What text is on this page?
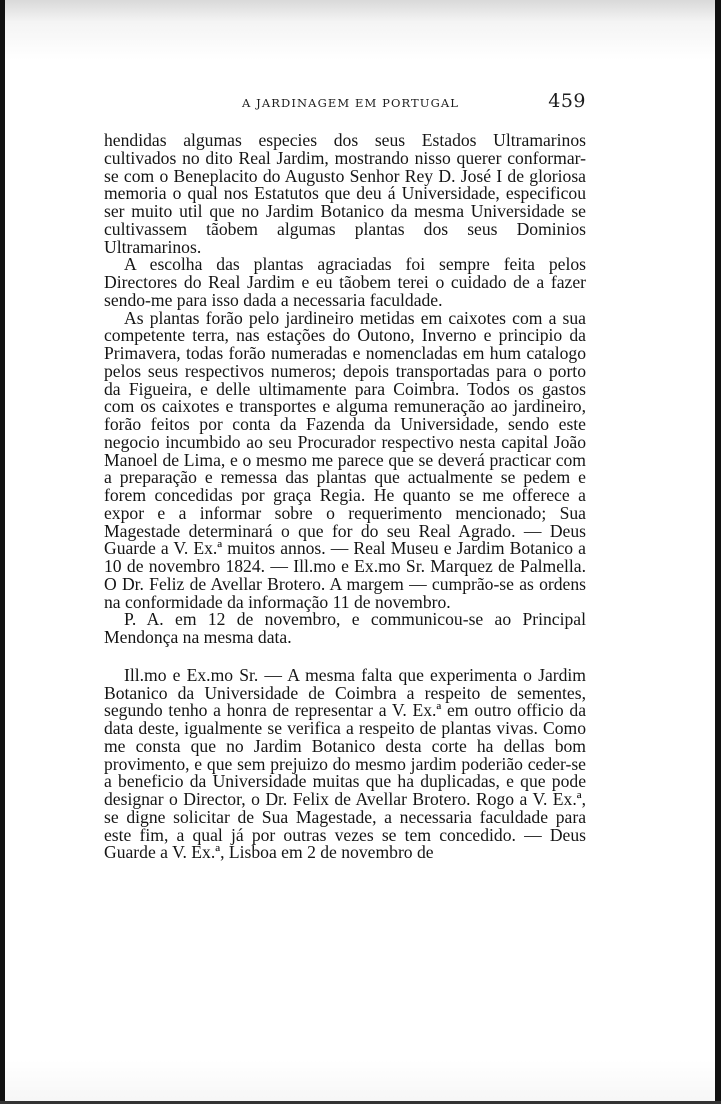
A JARDINAGEM EM PORTUGAL	459

hendidas algumas especies dos seus Estados Ultramarinos cultivados no dito Real Jardim, mostrando nisso querer conformar-se com o Beneplacito do Augusto Senhor Rey D. José I de gloriosa memoria o qual nos Estatutos que deu á Universidade, especificou ser muito util que no Jardim Botanico da mesma Universidade se cultivassem tãobem algumas plantas dos seus Dominios Ultramarinos.

A escolha das plantas agraciadas foi sempre feita pelos Directores do Real Jardim e eu tãobem terei o cuidado de a fazer sendo-me para isso dada a necessaria faculdade.

As plantas forão pelo jardineiro metidas em caixotes com a sua competente terra, nas estações do Outono, Inverno e principio da Primavera, todas forão numeradas e nomencladas em hum catalogo pelos seus respectivos numeros; depois transportadas para o porto da Figueira, e delle ultimamente para Coimbra. Todos os gastos com os caixotes e transportes e alguma remuneração ao jardineiro, forão feitos por conta da Fazenda da Universidade, sendo este negocio incumbido ao seu Procurador respectivo nesta capital João Manoel de Lima, e o mesmo me parece que se deverá practicar com a preparação e remessa das plantas que actualmente se pedem e forem concedidas por graça Regia. He quanto se me offerece a expor e a informar sobre o requerimento mencionado; Sua Magestade determinará o que for do seu Real Agrado. — Deus Guarde a V. Ex.ª muitos annos. — Real Museu e Jardim Botanico a 10 de novembro 1824. — Ill.mo e Ex.mo Sr. Marquez de Palmella. O Dr. Feliz de Avellar Brotero. A margem — cumprão-se as ordens na conformidade da informação 11 de novembro.

P. A. em 12 de novembro, e communicou-se ao Principal Mendonça na mesma data.

Ill.mo e Ex.mo Sr. — A mesma falta que experimenta o Jardim Botanico da Universidade de Coimbra a respeito de sementes, segundo tenho a honra de representar a V. Ex.ª em outro officio da data deste, igualmente se verifica a respeito de plantas vivas. Como me consta que no Jardim Botanico desta corte ha dellas bom provimento, e que sem prejuizo do mesmo jardim poderião ceder-se a beneficio da Universidade muitas que ha duplicadas, e que pode designar o Director, o Dr. Felix de Avellar Brotero. Rogo a V. Ex.ª, se digne solicitar de Sua Magestade, a necessaria faculdade para este fim, a qual já por outras vezes se tem concedido. — Deus Guarde a V. Ex.ª, Lisboa em 2 de novembro de
